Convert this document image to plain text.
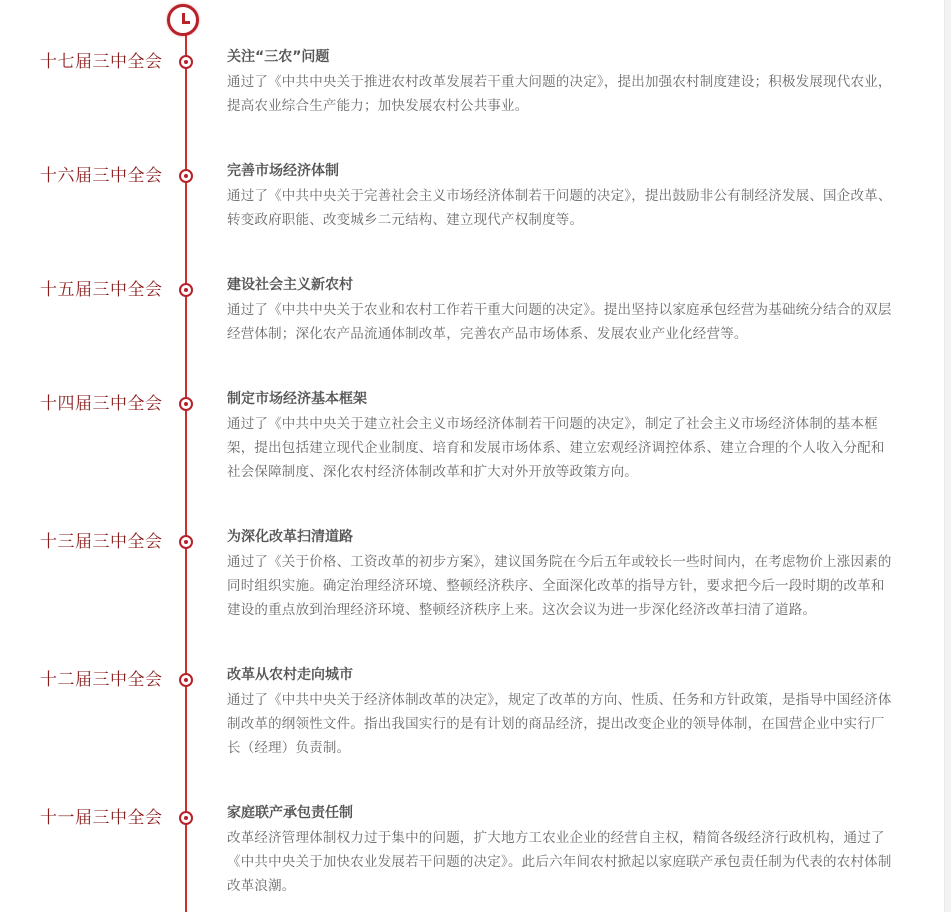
十七届三中全会	关注“三农”问题

通过了《中共中央关于推进农村改革发展若干重大问题的决定》，提出加强农村制度建设；积极发展现代农业，提高农业综合生产能力；加快发展农村公共事业。

十六届三中全会	完善市场经济体制

通过了《中共中央关于完善社会主义市场经济体制若干问题的决定》，提出鼓励非公有制经济发展、国企改革、转变政府职能、改变城乡二元结构、建立现代产权制度等。

十五届三中全会	建设社会主义新农村

通过了《中共中央关于农业和农村工作若干重大问题的决定》。提出坚持以家庭承包经营为基础统分结合的双层经营体制；深化农产品流通体制改革，完善农产品市场体系、发展农业产业化经营等。

十四届三中全会	制定市场经济基本框架

通过了《中共中央关于建立社会主义市场经济体制若干问题的决定》，制定了社会主义市场经济体制的基本框架，提出包括建立现代企业制度、培育和发展市场体系、建立宏观经济调控体系、建立合理的个人收入分配和社会保障制度、深化农村经济体制改革和扩大对外开放等政策方向。

十三届三中全会	为深化改革扫清道路

通过了《关于价格、工资改革的初步方案》，建议国务院在今后五年或较长一些时间内，在考虑物价上涨因素的同时组织实施。确定治理经济环境、整顿经济秩序、全面深化改革的指导方针，要求把今后一段时期的改革和建设的重点放到治理经济环境、整顿经济秩序上来。这次会议为进一步深化经济改革扫清了道路。

十二届三中全会	改革从农村走向城市

通过了《中共中央关于经济体制改革的决定》，规定了改革的方向、性质、任务和方针政策，是指导中国经济体制改革的纲领性文件。指出我国实行的是有计划的商品经济，提出改变企业的领导体制，在国营企业中实行厂长（经理）负责制。

十一届三中全会	家庭联产承包责任制

改革经济管理体制权力过于集中的问题，扩大地方工农业企业的经营自主权，精简各级经济行政机构，通过了《中共中央关于加快农业发展若干问题的决定》。此后六年间农村掀起以家庭联产承包责任制为代表的农村体制改革浪潮。
